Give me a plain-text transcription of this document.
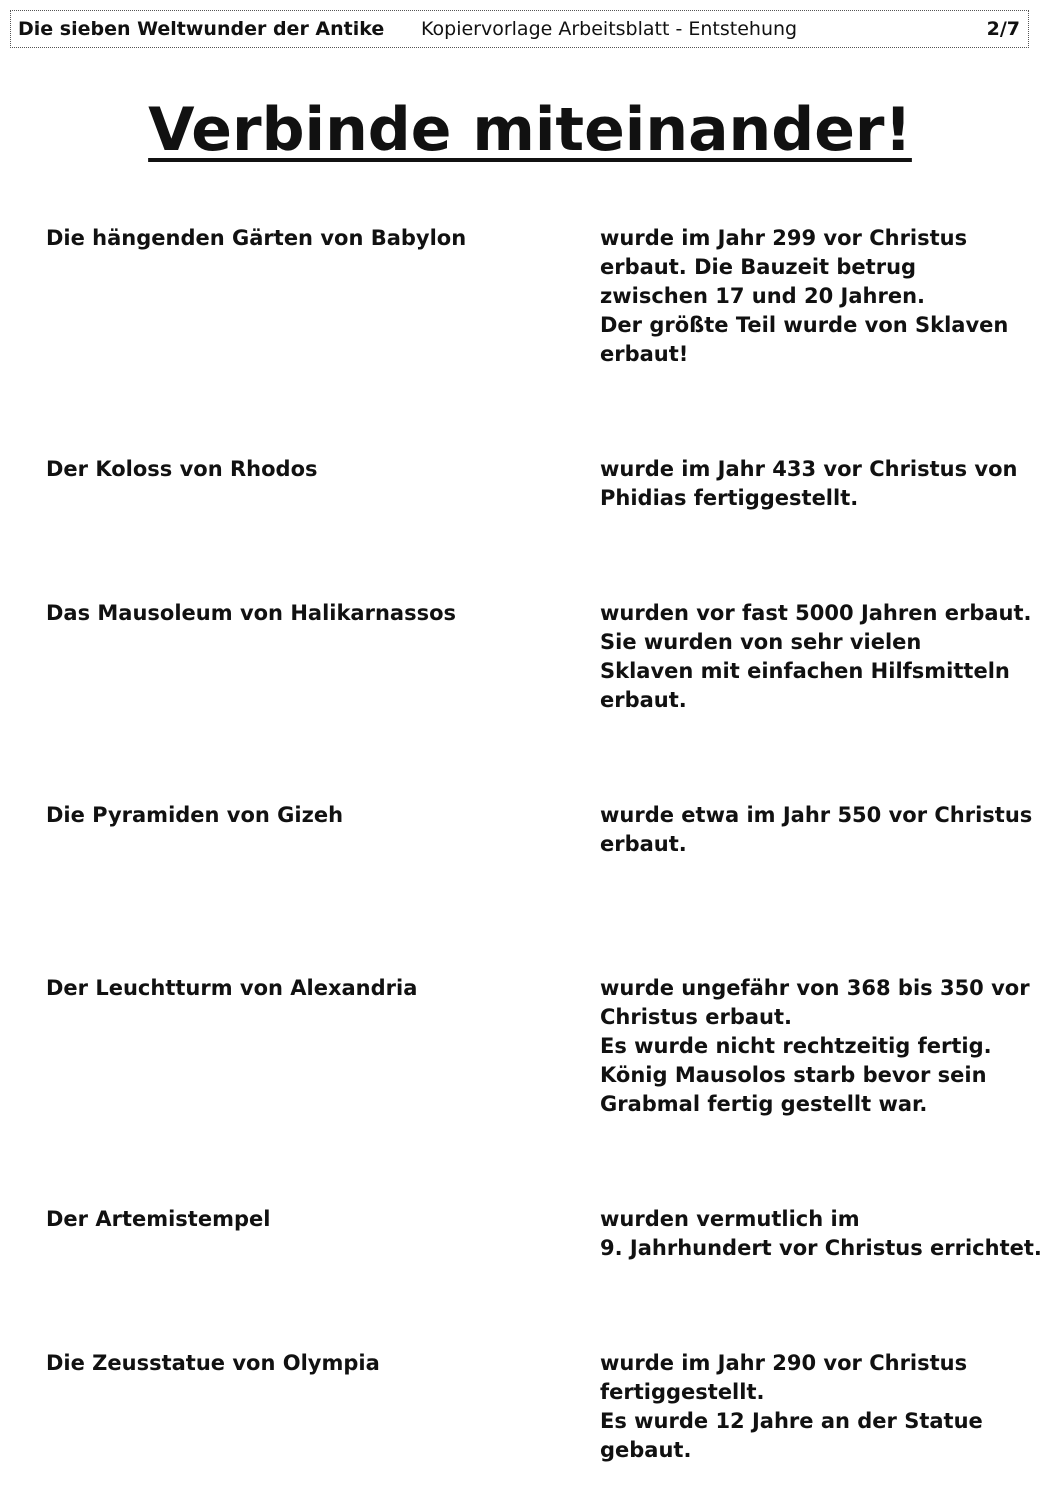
Die sieben Weltwunder der Antike Kopiervorlage Arbeitsblatt - Entstehung	2/7
Verbinde miteinander!
Die hängenden Gärten von Babylon	wurde im Jahr 299 vor Christus
erbaut. Die Bauzeit betrug
zwischen 17 und 20 Jahren.
Der größte Teil wurde von Sklaven
erbaut!
Der Koloss von Rhodos	wurde im Jahr 433 vor Christus von
Phidias fertiggestellt.
Das Mausoleum von Halikarnassos	wurden vor fast 5000 Jahren erbaut.
Sie wurden von sehr vielen
Sklaven mit einfachen Hilfsmitteln
erbaut.
Die Pyramiden von Gizeh	wurde etwa im Jahr 550 vor Christus
erbaut.
Der Leuchtturm von Alexandria	wurde ungefähr von 368 bis 350 vor
Christus erbaut.
Es wurde nicht rechtzeitig fertig.
König Mausolos starb bevor sein
Grabmal fertig gestellt war.
Der Artemistempel	wurden vermutlich im
9. Jahrhundert vor Christus errichtet.
Die Zeusstatue von Olympia	wurde im Jahr 290 vor Christus
fertiggestellt.
Es wurde 12 Jahre an der Statue
gebaut.
